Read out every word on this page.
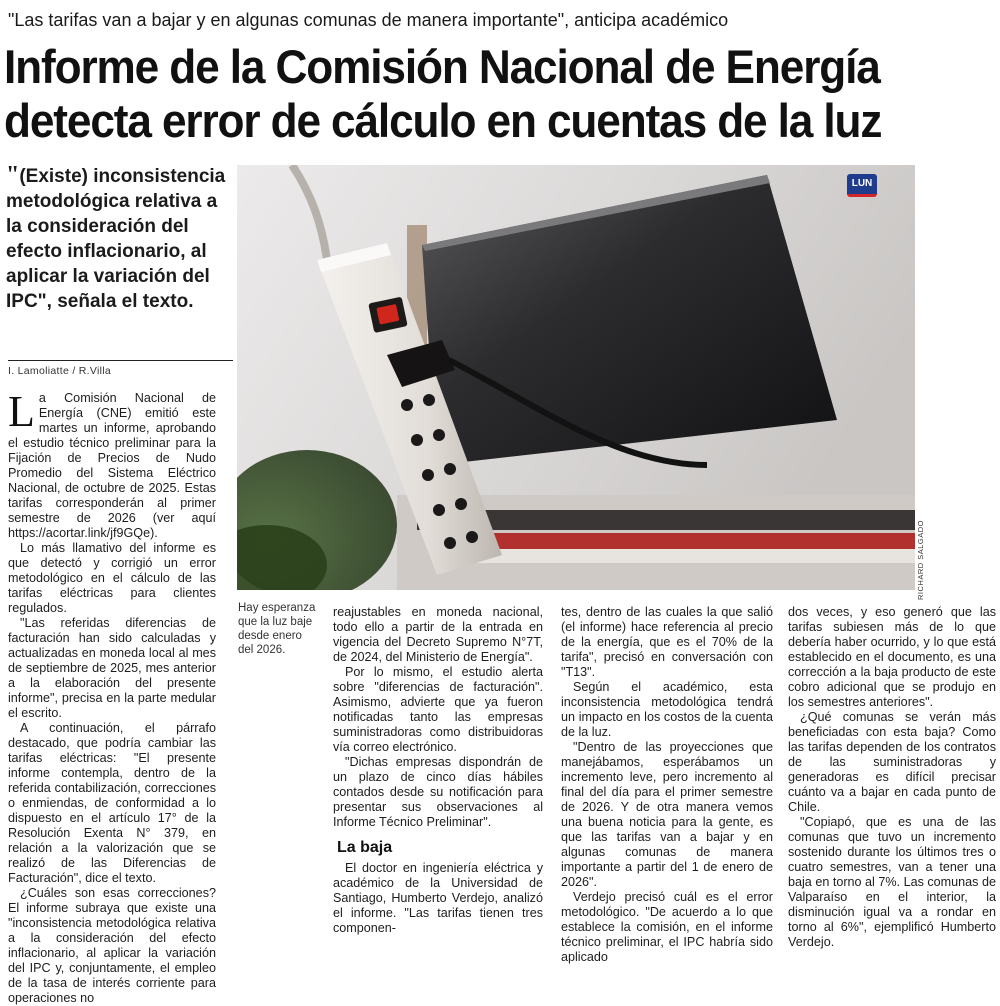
"Las tarifas van a bajar y en algunas comunas de manera importante", anticipa académico
Informe de la Comisión Nacional de Energía
detecta error de cálculo en cuentas de la luz
"(Existe) inconsistencia metodológica relativa a la consideración del efecto inflacionario, al aplicar la variación del IPC", señala el texto.
I. Lamoliatte / R.Villa
LUN
RICHARD SALGADO
Hay esperanza que la luz baje desde enero del 2026.

La Comisión Nacional de Energía (CNE) emitió este martes un informe, aprobando el estudio técnico preliminar para la Fijación de Precios de Nudo Promedio del Sistema Eléctrico Nacional, de octubre de 2025. Estas tarifas corresponderán al primer semestre de 2026 (ver aquí https://acortar.link/jf9GQe).

Lo más llamativo del informe es que detectó y corrigió un error metodológico en el cálculo de las tarifas eléctricas para clientes regulados.

"Las referidas diferencias de facturación han sido calculadas y actualizadas en moneda local al mes de septiembre de 2025, mes anterior a la elaboración del presente informe", precisa en la parte medular el escrito.

A continuación, el párrafo destacado, que podría cambiar las tarifas eléctricas: "El presente informe contempla, dentro de la referida contabilización, correcciones o enmiendas, de conformidad a lo dispuesto en el artículo 17° de la Resolución Exenta N° 379, en relación a la valorización que se realizó de las Diferencias de Facturación", dice el texto.

¿Cuáles son esas correcciones? El informe subraya que existe una "inconsistencia metodológica relativa a la consideración del efecto inflacionario, al aplicar la variación del IPC y, conjuntamente, el empleo de la tasa de interés corriente para operaciones no

reajustables en moneda nacional, todo ello a partir de la entrada en vigencia del Decreto Supremo N°7T, de 2024, del Ministerio de Energía".

Por lo mismo, el estudio alerta sobre "diferencias de facturación". Asimismo, advierte que ya fueron notificadas tanto las empresas suministradoras como distribuidoras vía correo electrónico.

"Dichas empresas dispondrán de un plazo de cinco días hábiles contados desde su notificación para presentar sus observaciones al Informe Técnico Preliminar".

La baja

El doctor en ingeniería eléctrica y académico de la Universidad de Santiago, Humberto Verdejo, analizó el informe. "Las tarifas tienen tres componen-

tes, dentro de las cuales la que salió (el informe) hace referencia al precio de la energía, que es el 70% de la tarifa", precisó en conversación con "T13".

Según el académico, esta inconsistencia metodológica tendrá un impacto en los costos de la cuenta de la luz.

"Dentro de las proyecciones que manejábamos, esperábamos un incremento leve, pero incremento al final del día para el primer semestre de 2026. Y de otra manera vemos una buena noticia para la gente, es que las tarifas van a bajar y en algunas comunas de manera importante a partir del 1 de enero de 2026".

Verdejo precisó cuál es el error metodológico. "De acuerdo a lo que establece la comisión, en el informe técnico preliminar, el IPC habría sido aplicado

dos veces, y eso generó que las tarifas subiesen más de lo que debería haber ocurrido, y lo que está establecido en el documento, es una corrección a la baja producto de este cobro adicional que se produjo en los semestres anteriores".

¿Qué comunas se verán más beneficiadas con esta baja? Como las tarifas dependen de los contratos de las suministradoras y generadoras es difícil precisar cuánto va a bajar en cada punto de Chile.

"Copiapó, que es una de las comunas que tuvo un incremento sostenido durante los últimos tres o cuatro semestres, van a tener una baja en torno al 7%. Las comunas de Valparaíso en el interior, la disminución igual va a rondar en torno al 6%", ejemplificó Humberto Verdejo.
